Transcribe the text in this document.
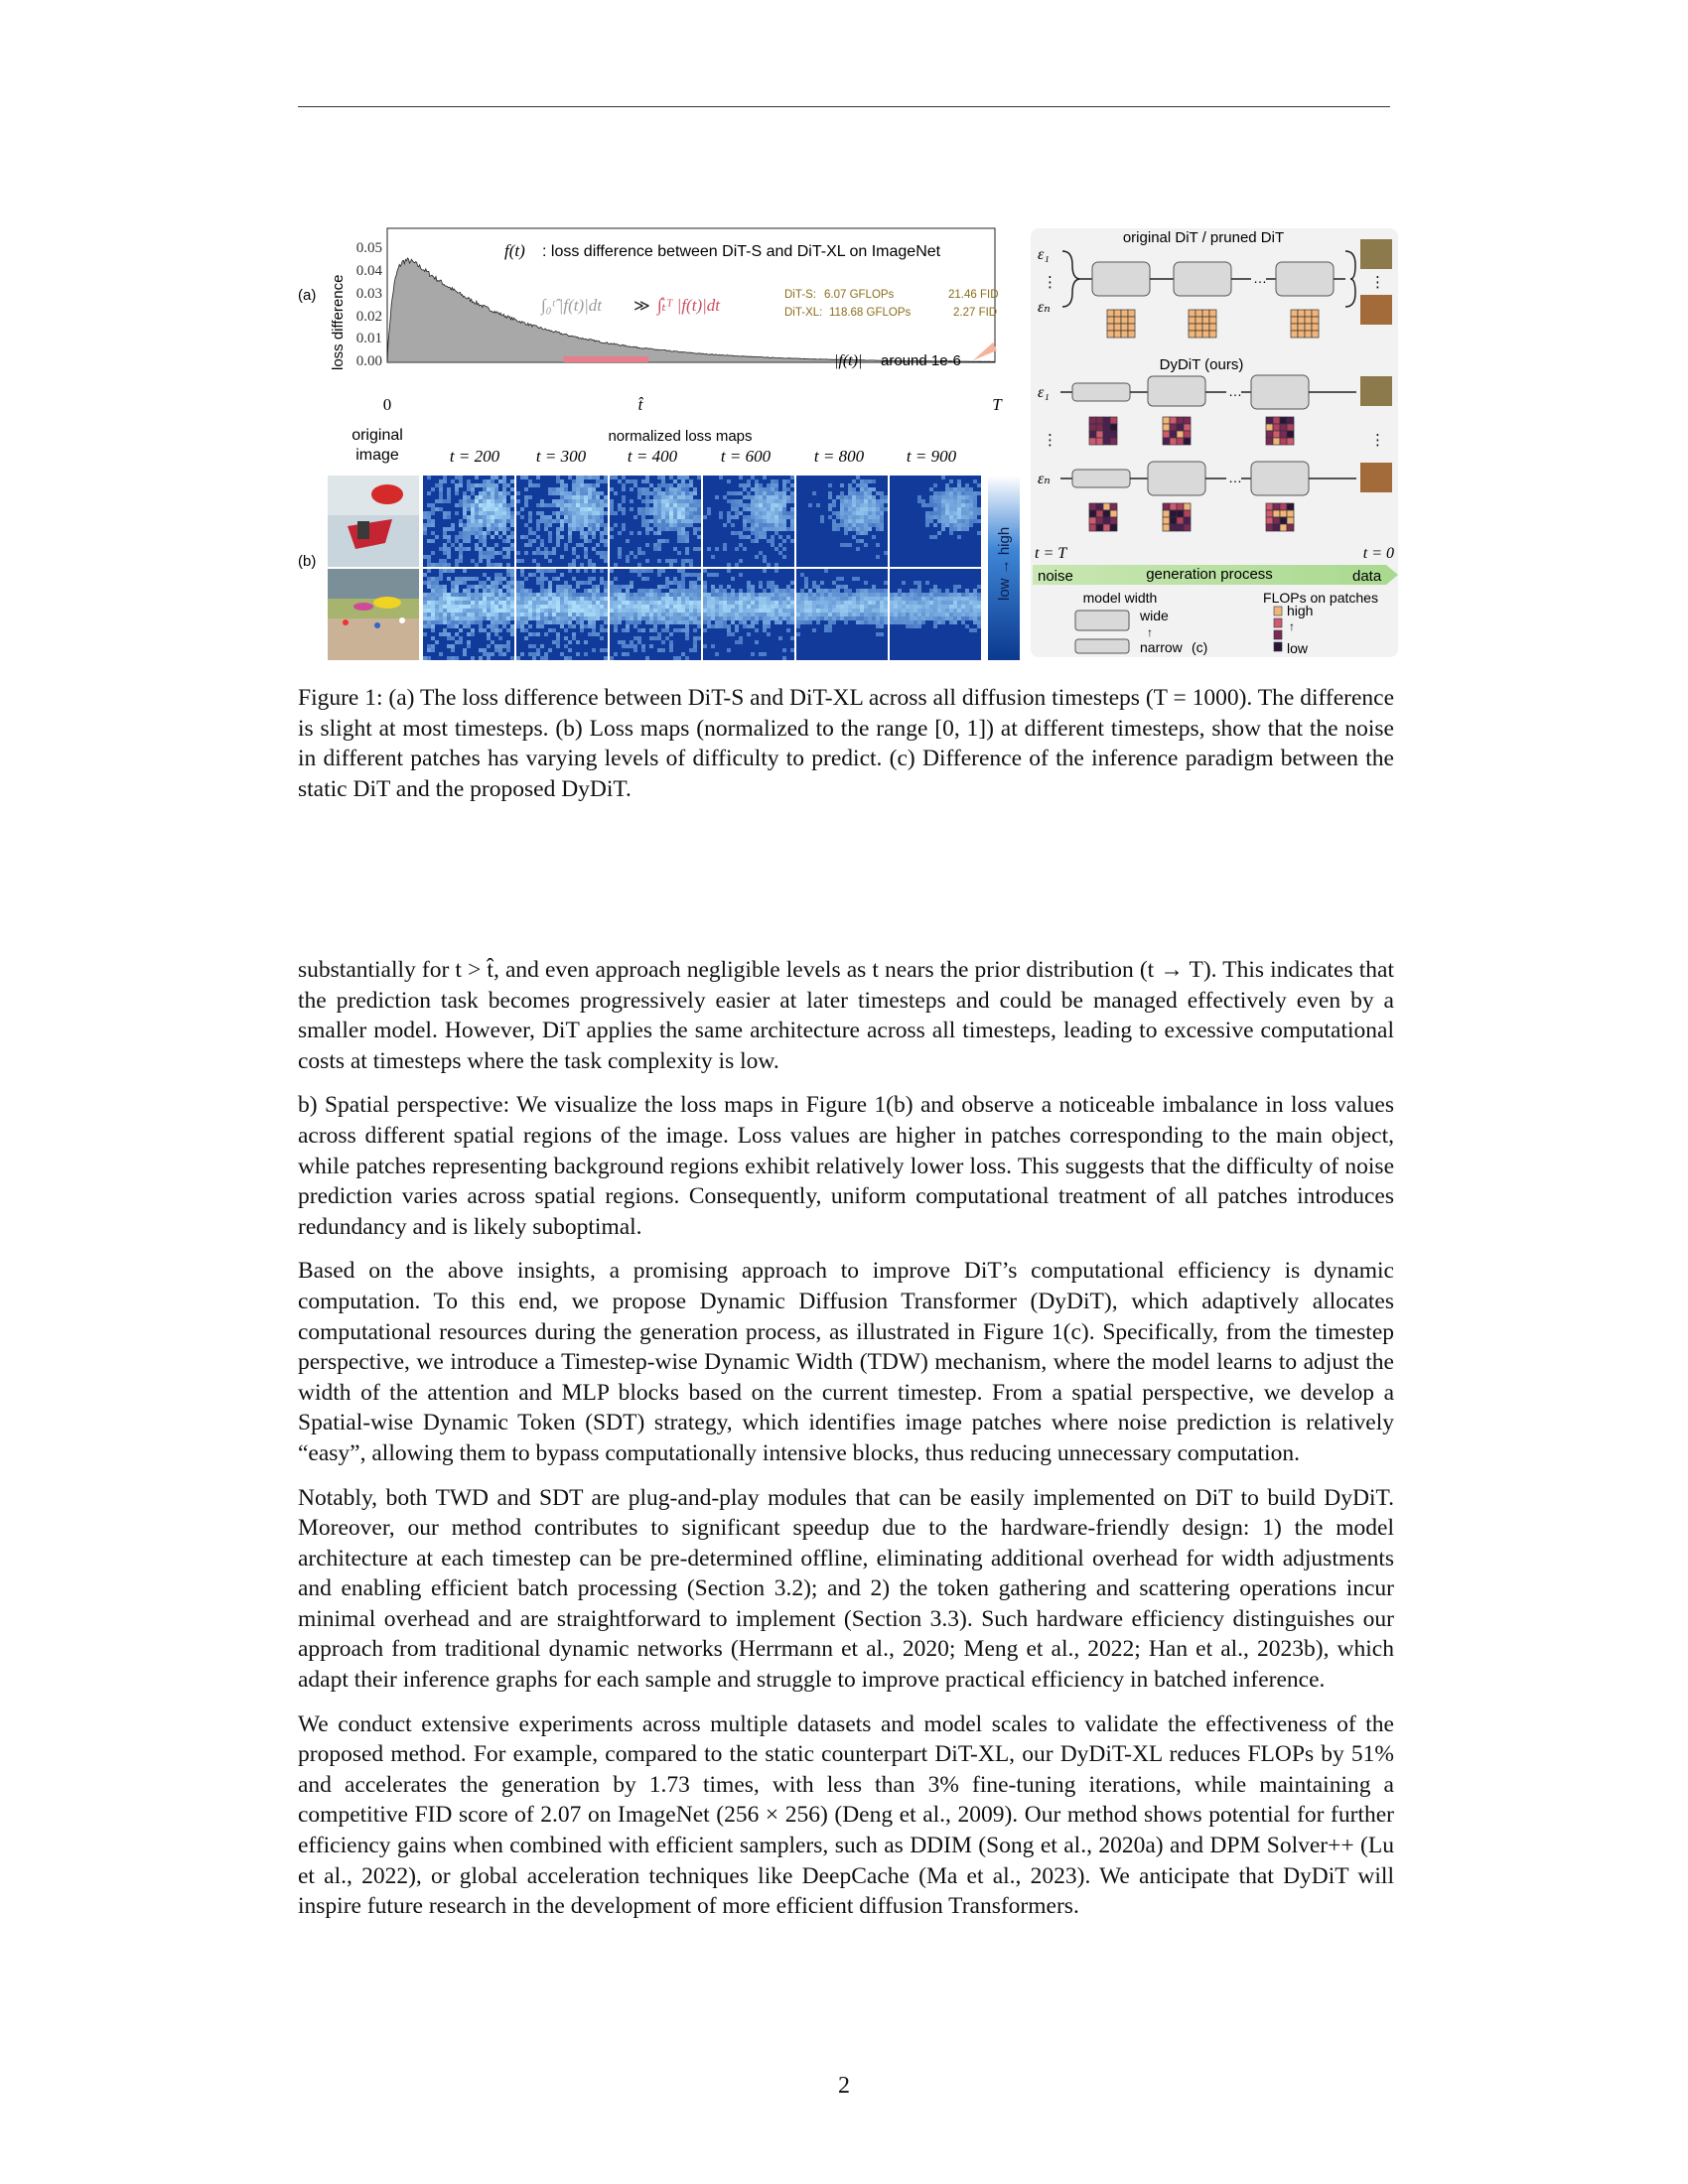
(a) loss difference
0.05
0.04
0.03
0.02
0.01
0.00
0	t̂	T
f(t) : loss difference between DiT-S and DiT-XL on ImageNet
∫₀ᵗ̂ |f(t)|dt ≫ ∫ₜ̂ᵀ |f(t)|dt
DiT-S: 6.07 GFLOPs	21.46 FID
DiT-XL: 118.68 GFLOPs	2.27 FID
|f(t)| around 1e-6
(b)
original
image
normalized loss maps
t = 200 t = 300 t = 400	t = 600	t = 800	t = 900
low → high
original DiT / pruned DiT
DyDiT (ours)
ε₁
⋮
εₙ
…	⋮
ε₁	…
⋮	⋮
εₙ	…
t = T	t = 0
noise	generation process	data
model width
wide
↑
narrow (c)
FLOPs on patches
high
↑
low
Figure 1: (a) The loss difference between DiT-S and DiT-XL across all diffusion timesteps (T = 1000). The difference is slight at most timesteps. (b) Loss maps (normalized to the range [0, 1]) at different timesteps, show that the noise in different patches has varying levels of difficulty to predict. (c) Difference of the inference paradigm between the static DiT and the proposed DyDiT.

substantially for t > t̂, and even approach negligible levels as t nears the prior distribution (t → T). This indicates that the prediction task becomes progressively easier at later timesteps and could be managed effectively even by a smaller model. However, DiT applies the same architecture across all timesteps, leading to excessive computational costs at timesteps where the task complexity is low.

b) Spatial perspective: We visualize the loss maps in Figure 1(b) and observe a noticeable imbalance in loss values across different spatial regions of the image. Loss values are higher in patches corresponding to the main object, while patches representing background regions exhibit relatively lower loss. This suggests that the difficulty of noise prediction varies across spatial regions. Consequently, uniform computational treatment of all patches introduces redundancy and is likely suboptimal.

Based on the above insights, a promising approach to improve DiT’s computational efficiency is dynamic computation. To this end, we propose Dynamic Diffusion Transformer (DyDiT), which adaptively allocates computational resources during the generation process, as illustrated in Figure 1(c). Specifically, from the timestep perspective, we introduce a Timestep-wise Dynamic Width (TDW) mechanism, where the model learns to adjust the width of the attention and MLP blocks based on the current timestep. From a spatial perspective, we develop a Spatial-wise Dynamic Token (SDT) strategy, which identifies image patches where noise prediction is relatively “easy”, allowing them to bypass computationally intensive blocks, thus reducing unnecessary computation.

Notably, both TWD and SDT are plug-and-play modules that can be easily implemented on DiT to build DyDiT. Moreover, our method contributes to significant speedup due to the hardware-friendly design: 1) the model architecture at each timestep can be pre-determined offline, eliminating additional overhead for width adjustments and enabling efficient batch processing (Section 3.2); and 2) the token gathering and scattering operations incur minimal overhead and are straightforward to implement (Section 3.3). Such hardware efficiency distinguishes our approach from traditional dynamic networks (Herrmann et al., 2020; Meng et al., 2022; Han et al., 2023b), which adapt their inference graphs for each sample and struggle to improve practical efficiency in batched inference.

We conduct extensive experiments across multiple datasets and model scales to validate the effectiveness of the proposed method. For example, compared to the static counterpart DiT-XL, our DyDiT-XL reduces FLOPs by 51% and accelerates the generation by 1.73 times, with less than 3% fine-tuning iterations, while maintaining a competitive FID score of 2.07 on ImageNet (256 × 256) (Deng et al., 2009). Our method shows potential for further efficiency gains when combined with efficient samplers, such as DDIM (Song et al., 2020a) and DPM Solver++ (Lu et al., 2022), or global acceleration techniques like DeepCache (Ma et al., 2023). We anticipate that DyDiT will inspire future research in the development of more efficient diffusion Transformers.

2
